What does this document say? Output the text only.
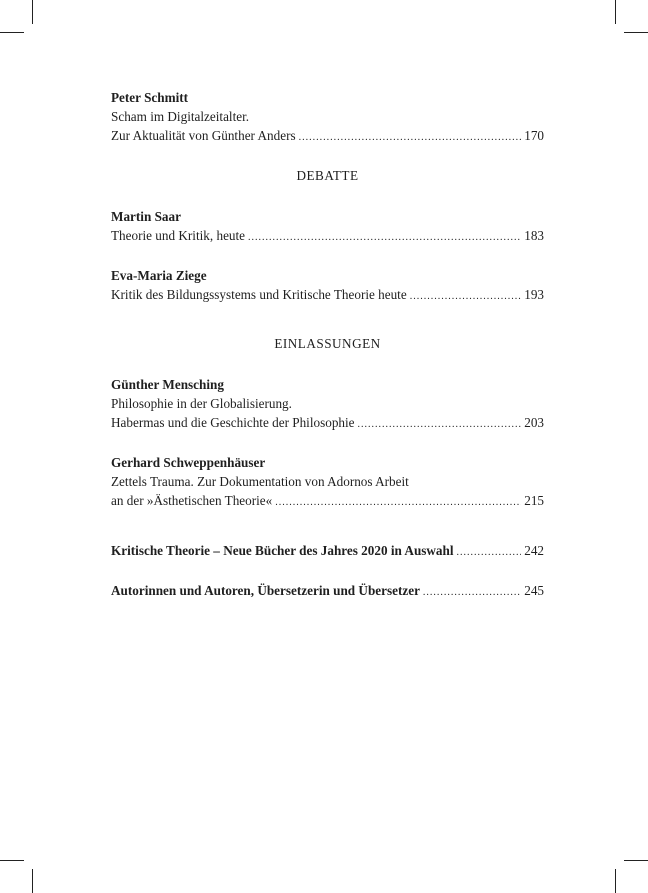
Peter Schmitt
Scham im Digitalzeitalter.
Zur Aktualität von Günther Anders .....	170
DEBATTE
Martin Saar
Theorie und Kritik, heute .....	183
Eva-Maria Ziege
Kritik des Bildungssystems und Kritische Theorie heute .....	193
EINLASSUNGEN
Günther Mensching
Philosophie in der Globalisierung.
Habermas und die Geschichte der Philosophie .....	203
Gerhard Schweppenhäuser
Zettels Trauma. Zur Dokumentation von Adornos Arbeit
an der »Ästhetischen Theorie« .....	215
Kritische Theorie – Neue Bücher des Jahres 2020 in Auswahl .....	242
Autorinnen und Autoren, Übersetzerin und Übersetzer .....	245
